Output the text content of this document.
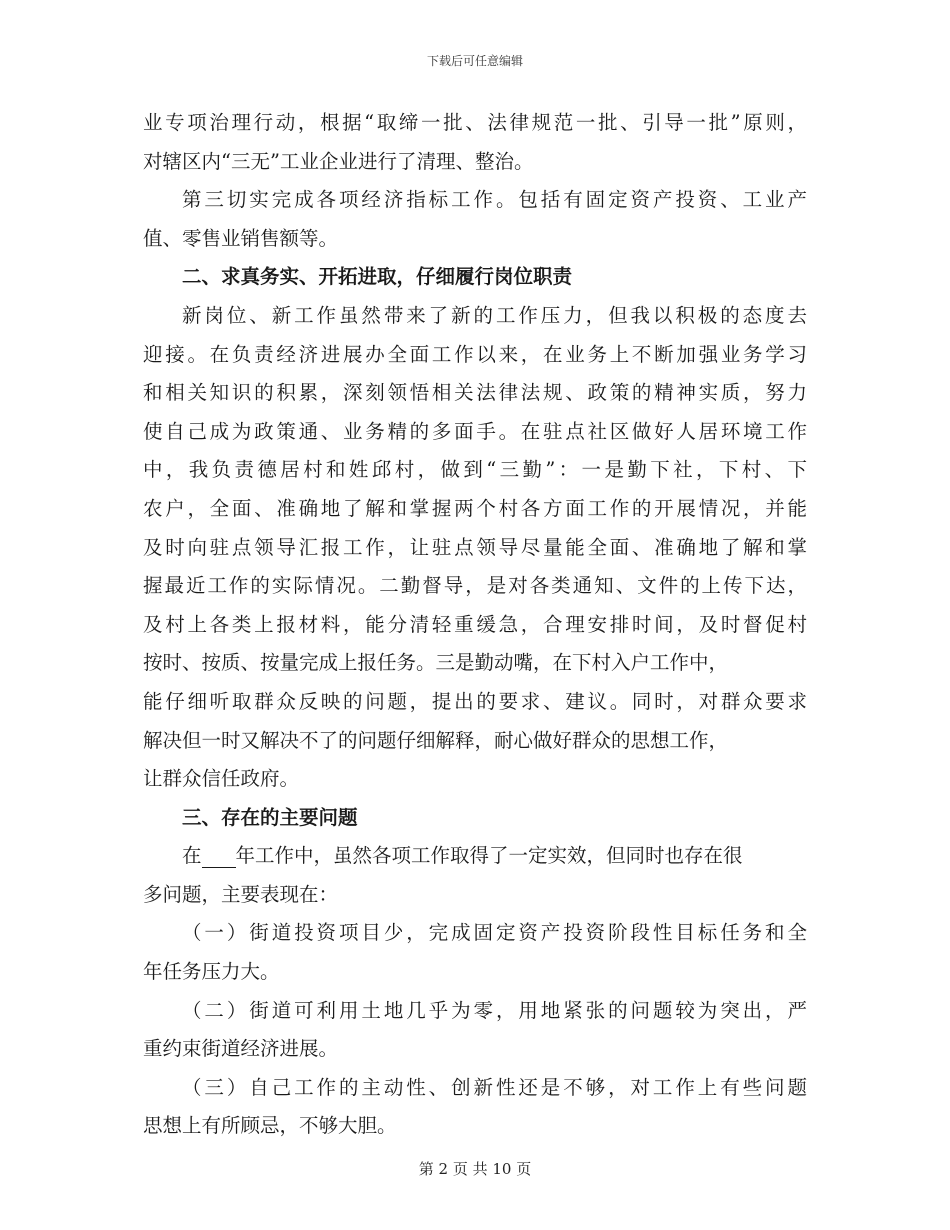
下载后可任意编辑
业专项治理行动，根据“取缔一批、法律规范一批、引导一批”原则，
对辖区内“三无”工业企业进行了清理、整治。
第三切实完成各项经济指标工作。包括有固定资产投资、工业产
值、零售业销售额等。
二、求真务实、开拓进取，仔细履行岗位职责
新岗位、新工作虽然带来了新的工作压力，但我以积极的态度去
迎接。在负责经济进展办全面工作以来，在业务上不断加强业务学习
和相关知识的积累，深刻领悟相关法律法规、政策的精神实质，努力
使自己成为政策通、业务精的多面手。在驻点社区做好人居环境工作
中，我负责德居村和姓邱村，做到“三勤”：一是勤下社，下村、下
农户，全面、准确地了解和掌握两个村各方面工作的开展情况，并能
及时向驻点领导汇报工作，让驻点领导尽量能全面、准确地了解和掌
握最近工作的实际情况。二勤督导，是对各类通知、文件的上传下达，
及村上各类上报材料，能分清轻重缓急，合理安排时间，及时督促村
按时、按质、按量完成上报任务。三是勤动嘴，在下村入户工作中，
能仔细听取群众反映的问题，提出的要求、建议。同时，对群众要求
解决但一时又解决不了的问题仔细解释，耐心做好群众的思想工作，
让群众信任政府。
三、存在的主要问题
在 年工作中，虽然各项工作取得了一定实效，但同时也存在很
多问题，主要表现在：
（一）街道投资项目少，完成固定资产投资阶段性目标任务和全
年任务压力大。
（二）街道可利用土地几乎为零，用地紧张的问题较为突出，严
重约束街道经济进展。
（三）自己工作的主动性、创新性还是不够，对工作上有些问题
思想上有所顾忌，不够大胆。
第 2 页 共 10 页
